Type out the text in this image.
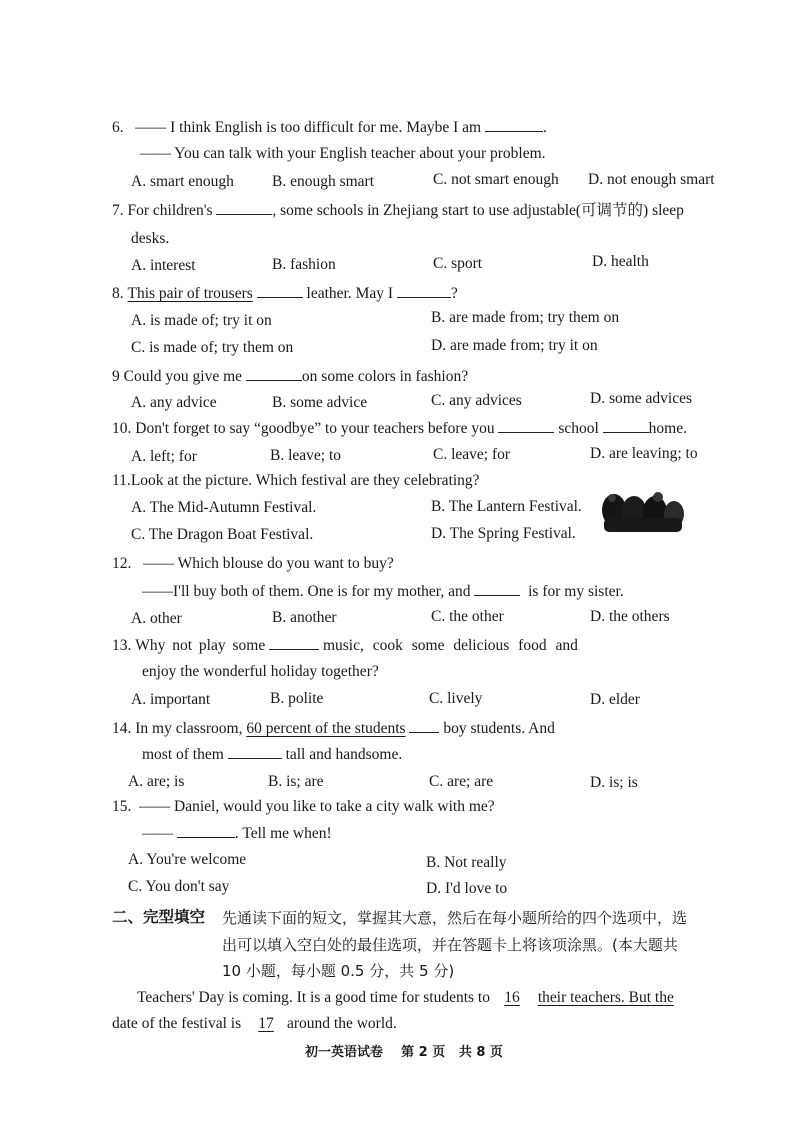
6. —— I think English is too difficult for me. Maybe I am	.
—— You can talk with your English teacher about your problem.
A. smart enough B. enough smart	C. not smart enough D. not enough smart
7. For children's	, some schools in Zhejiang start to use adjustable(可调节的) sleep
desks.
A. interest	B. fashion	C. sport	D. health
8. This pair of trousers	leather. May I	?
A. is made of; try it on	B. are made from; try them on
C. is made of; try them on	D. are made from; try it on
9 Could you give me	on some colors in fashion?
A. any advice	B. some advice	C. any advices	D. some advices
10. Don't forget to say “goodbye” to your teachers before you	school	home.
A. left; for	B. leave; to	C. leave; for	D. are leaving; to
11.Look at the picture. Which festival are they celebrating?
A. The Mid-Autumn Festival.	B. The Lantern Festival.
C. The Dragon Boat Festival.	D. The Spring Festival.
12. —— Which blouse do you want to buy?
——I'll buy both of them. One is for my mother, and	is for my sister.
A. other	B. another	C. the other	D. the others
13. Why not play some	music, cook some delicious food and
enjoy the wonderful holiday together?
A. important	B. polite	C. lively	D. elder
14. In my classroom, 60 percent of the students boy students. And
most of them	tall and handsome.
A. are; is	B. is; are	C. are; are	D. is; is
15. —— Daniel, would you like to take a city walk with me?
——	. Tell me when!
A. You're welcome	B. Not really
C. You don't say	D. I'd love to
二、完型填空 先通读下面的短文，掌握其大意，然后在每小题所给的四个选项中，选
出可以填入空白处的最佳选项，并在答题卡上将该项涂黑。(本大题共
10 小题，每小题 0.5 分，共 5 分)
Teachers' Day is coming. It is a good time for students to 16 their teachers. But the
date of the festival is 17 around the world.
初一英语试卷 第 2 页 共 8 页
